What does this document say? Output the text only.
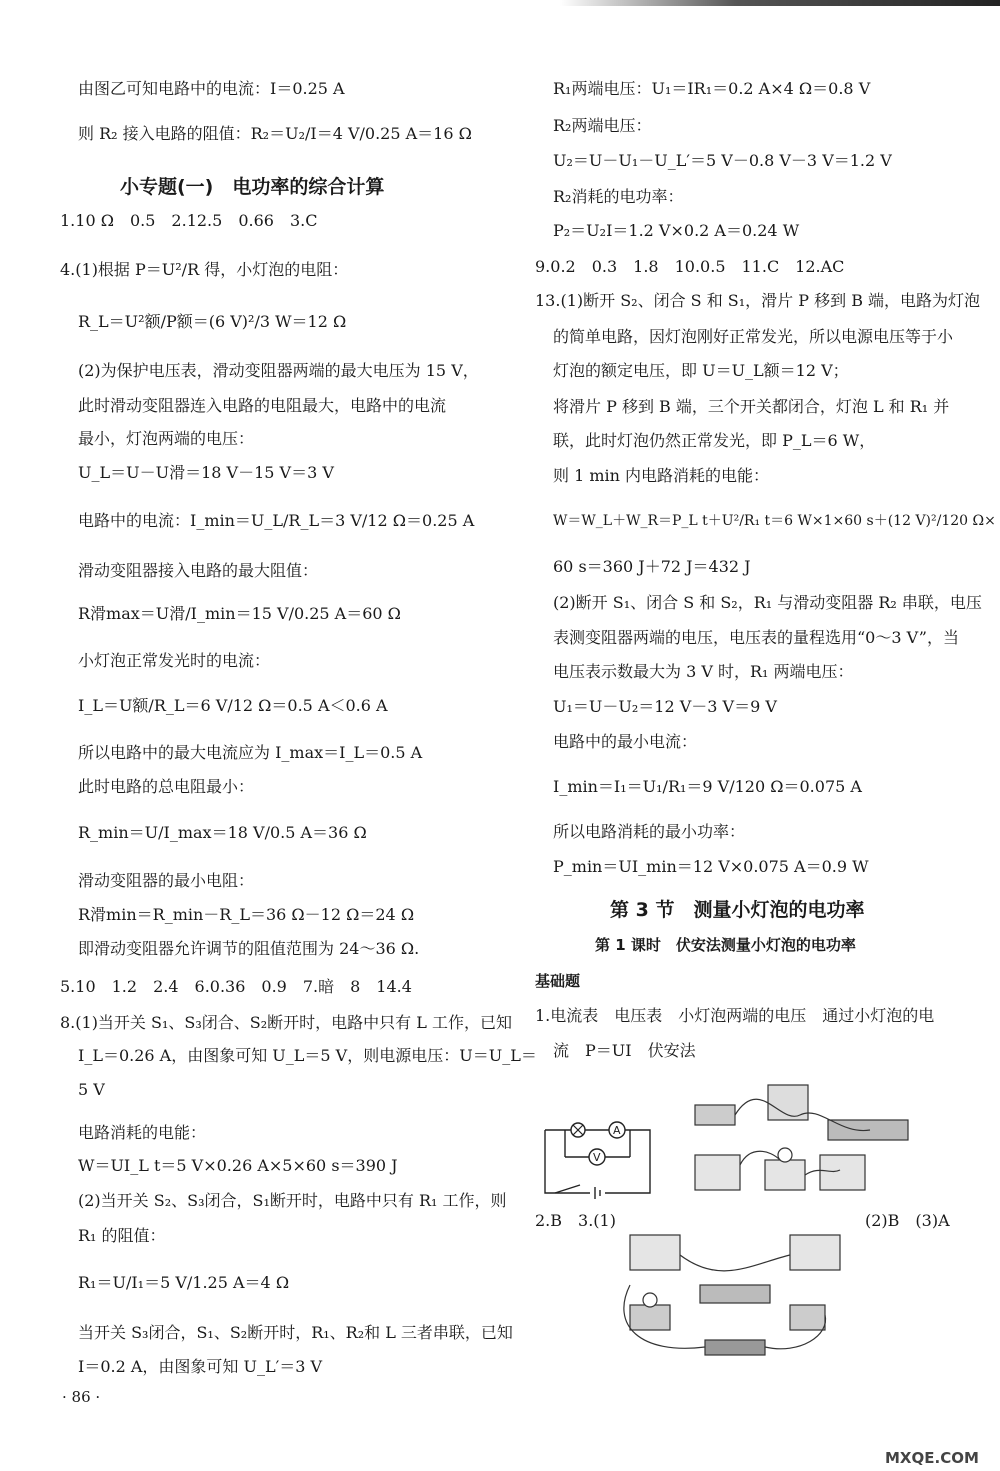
由图乙可知电路中的电流：I＝0.25 A
则 R₂ 接入电路的阻值：R₂＝U₂/I＝4 V/0.25 A＝16 Ω
小专题(一)　电功率的综合计算
1.10 Ω　0.5　2.12.5　0.66　3.C
4.(1)根据 P＝U²/R 得，小灯泡的电阻：
R_L＝U²额/P额＝(6 V)²/3 W＝12 Ω
(2)为保护电压表，滑动变阻器两端的最大电压为 15 V，
此时滑动变阻器连入电路的电阻最大，电路中的电流
最小，灯泡两端的电压：
U_L＝U－U滑＝18 V－15 V＝3 V
电路中的电流：I_min＝U_L/R_L＝3 V/12 Ω＝0.25 A
滑动变阻器接入电路的最大阻值：
R滑max＝U滑/I_min＝15 V/0.25 A＝60 Ω
小灯泡正常发光时的电流：
I_L＝U额/R_L＝6 V/12 Ω＝0.5 A＜0.6 A
所以电路中的最大电流应为 I_max＝I_L＝0.5 A
此时电路的总电阻最小：
R_min＝U/I_max＝18 V/0.5 A＝36 Ω
滑动变阻器的最小电阻：
R滑min＝R_min－R_L＝36 Ω－12 Ω＝24 Ω
即滑动变阻器允许调节的阻值范围为 24～36 Ω.
5.10　1.2　2.4　6.0.36　0.9　7.暗　8　14.4
8.(1)当开关 S₁、S₃闭合、S₂断开时，电路中只有 L 工作，已知
I_L＝0.26 A，由图象可知 U_L＝5 V，则电源电压：U＝U_L＝
5 V
电路消耗的电能：
W＝UI_L t＝5 V×0.26 A×5×60 s＝390 J
(2)当开关 S₂、S₃闭合，S₁断开时，电路中只有 R₁ 工作，则
R₁ 的阻值：
R₁＝U/I₁＝5 V/1.25 A＝4 Ω
当开关 S₃闭合，S₁、S₂断开时，R₁、R₂和 L 三者串联，已知
I＝0.2 A，由图象可知 U_L′＝3 V
· 86 ·
R₁两端电压：U₁＝IR₁＝0.2 A×4 Ω＝0.8 V
R₂两端电压：
U₂＝U－U₁－U_L′＝5 V－0.8 V－3 V＝1.2 V
R₂消耗的电功率：
P₂＝U₂I＝1.2 V×0.2 A＝0.24 W
9.0.2　0.3　1.8　10.0.5　11.C　12.AC
13.(1)断开 S₂、闭合 S 和 S₁，滑片 P 移到 B 端，电路为灯泡
的简单电路，因灯泡刚好正常发光，所以电源电压等于小
灯泡的额定电压，即 U＝U_L额＝12 V；
将滑片 P 移到 B 端，三个开关都闭合，灯泡 L 和 R₁ 并
联，此时灯泡仍然正常发光，即 P_L＝6 W，
则 1 min 内电路消耗的电能：
W＝W_L＋W_R＝P_L t＋U²/R₁ t＝6 W×1×60 s＋(12 V)²/120 Ω×
60 s＝360 J＋72 J＝432 J
(2)断开 S₁、闭合 S 和 S₂，R₁ 与滑动变阻器 R₂ 串联，电压
表测变阻器两端的电压，电压表的量程选用“0～3 V”，当
电压表示数最大为 3 V 时，R₁ 两端电压：
U₁＝U－U₂＝12 V－3 V＝9 V
电路中的最小电流：
I_min＝I₁＝U₁/R₁＝9 V/120 Ω＝0.075 A
所以电路消耗的最小功率：
P_min＝UI_min＝12 V×0.075 A＝0.9 W
第 3 节　测量小灯泡的电功率
第 1 课时　伏安法测量小灯泡的电功率
基础题
1.电流表　电压表　小灯泡两端的电压　通过小灯泡的电
流　P＝UI　伏安法
2.B　3.(1)	(2)B　(3)A
A
V
MXQE.COM
